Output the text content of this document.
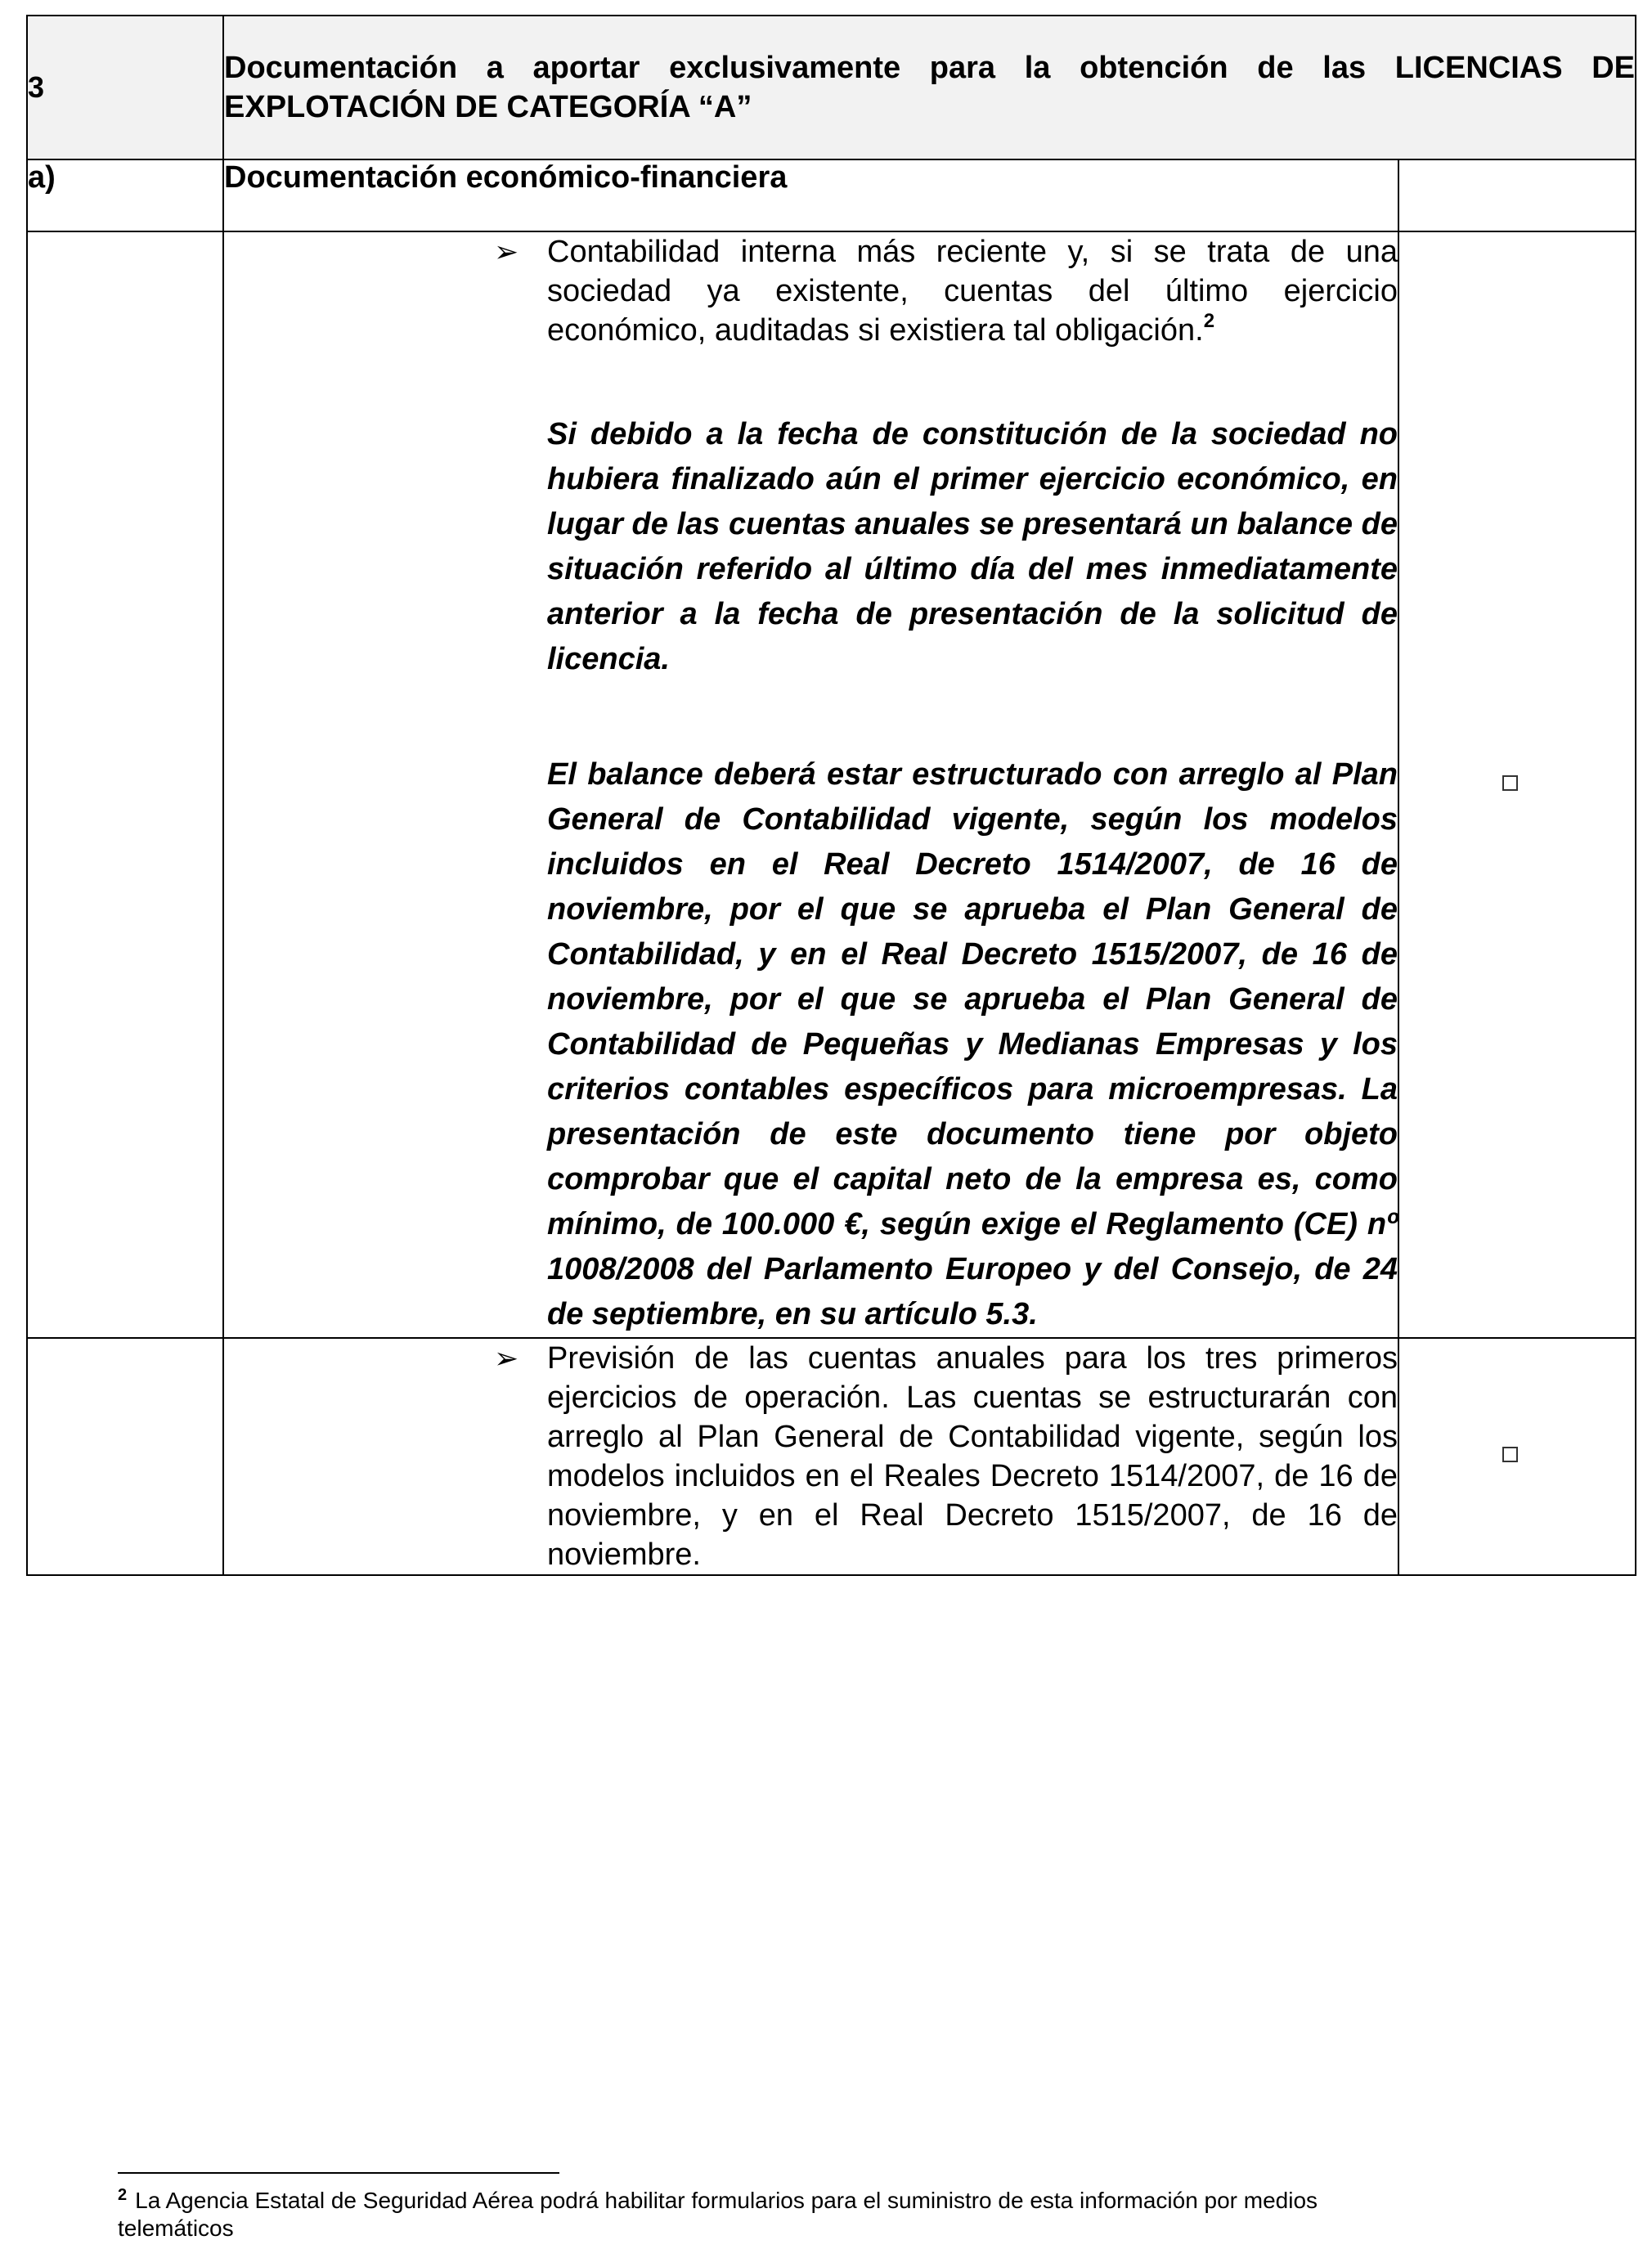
3	Documentación a aportar exclusivamente para la obtención de las LICENCIAS DE EXPLOTACIÓN DE CATEGORÍA “A”	
a)	Documentación económico-financiera	

	➢ Contabilidad interna más reciente y, si se trata de una sociedad ya existente, cuentas del último ejercicio económico, auditadas si existiera tal obligación.$^2$
Si debido a la fecha de constitución de la sociedad no hubiera finalizado aún el primer ejercicio económico, en lugar de las cuentas anuales se presentará un balance de situación referido al último día del mes inmediatamente anterior a la fecha de presentación de la solicitud de licencia.
El balance deberá estar estructurado con arreglo al Plan General de Contabilidad vigente, según los modelos incluidos en el Real Decreto 1514/2007, de 16 de noviembre, por el que se aprueba el Plan General de Contabilidad, y en el Real Decreto 1515/2007, de 16 de noviembre, por el que se aprueba el Plan General de Contabilidad de Pequeñas y Medianas Empresas y los criterios contables específicos para microempresas. La presentación de este documento tiene por objeto comprobar que el capital neto de la empresa es, como mínimo, de 100.000 €, según exige el Reglamento (CE) nº 1008/2008 del Parlamento Europeo y del Consejo, de 24 de septiembre, en su artículo 5.3.	

	➢ Previsión de las cuentas anuales para los tres primeros ejercicios de operación. Las cuentas se estructurarán con arreglo al Plan General de Contabilidad vigente, según los modelos incluidos en el Reales Decreto 1514/2007, de 16 de noviembre, y en el Real Decreto 1515/2007, de 16 de noviembre.	

$^2$ La Agencia Estatal de Seguridad Aérea podrá habilitar formularios para el suministro de esta información por medios telemáticos
